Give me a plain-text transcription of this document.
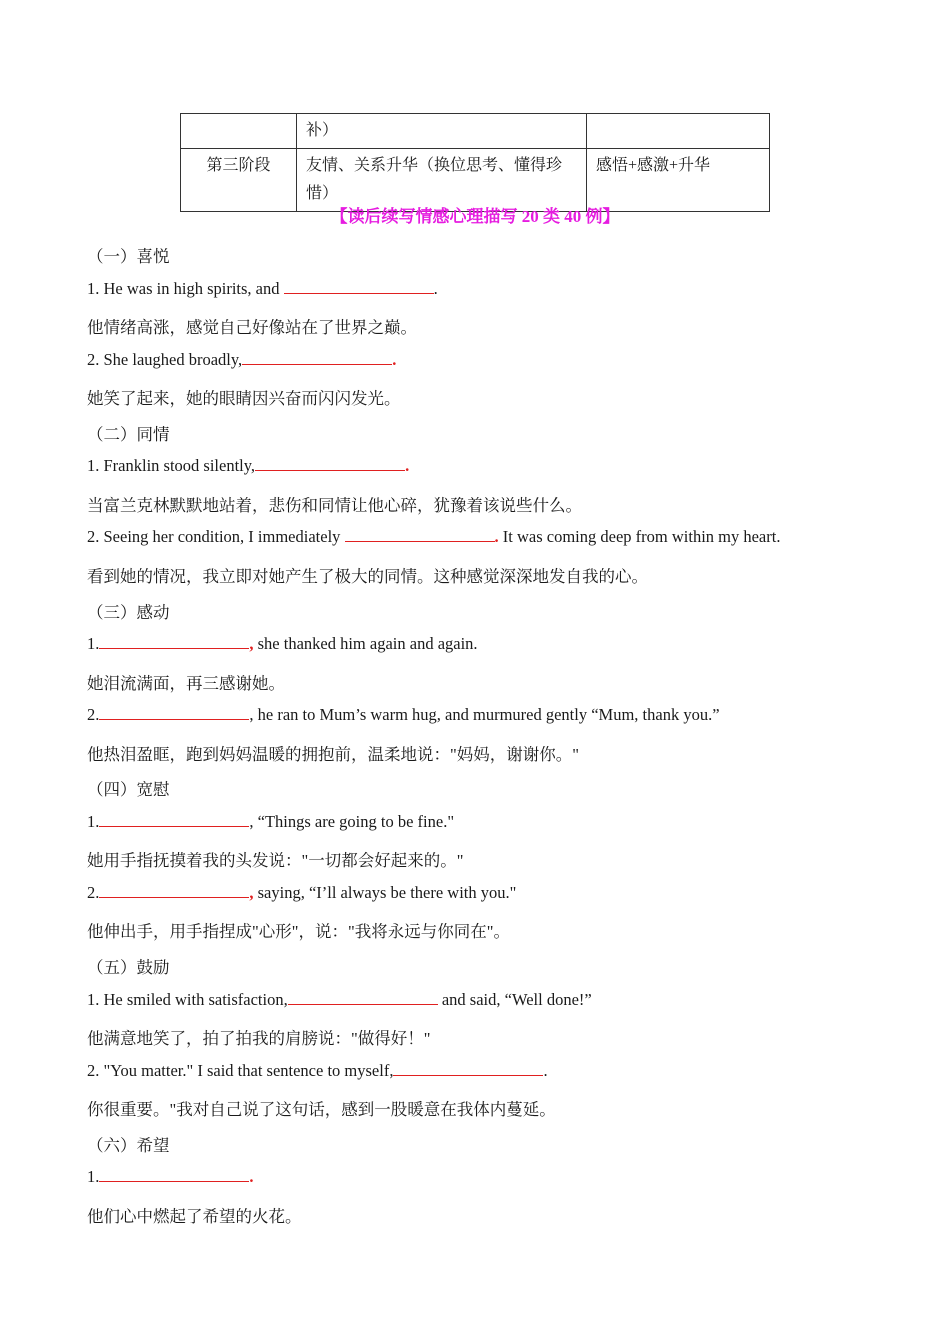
	补）	
第三阶段	友情、关系升华（换位思考、懂得珍惜）	感悟+感激+升华
【读后续写情感心理描写 20 类 40 例】
（一）喜悦
1. He was in high spirits, and	.
他情绪高涨，感觉自己好像站在了世界之巅。
2. She laughed broadly,	.
她笑了起来，她的眼睛因兴奋而闪闪发光。
（二）同情
1. Franklin stood silently,	.
当富兰克林默默地站着，悲伤和同情让他心碎，犹豫着该说些什么。
2. Seeing her condition, I immediately	. It was coming deep from within my heart.
看到她的情况，我立即对她产生了极大的同情。这种感觉深深地发自我的心。
（三）感动
1.	, she thanked him again and again.
她泪流满面，再三感谢她。
2.	, he ran to Mum’s warm hug, and murmured gently “Mum, thank you.”
他热泪盈眶，跑到妈妈温暖的拥抱前，温柔地说："妈妈，谢谢你。"
（四）宽慰
1.	, “Things are going to be fine."
她用手指抚摸着我的头发说："一切都会好起来的。"
2.	, saying, “I’ll always be there with you."
他伸出手，用手指捏成"心形"，说："我将永远与你同在"。
（五）鼓励
1. He smiled with satisfaction,	and said, “Well done!”
他满意地笑了，拍了拍我的肩膀说："做得好！"
2. "You matter." I said that sentence to myself,	.
你很重要。"我对自己说了这句话，感到一股暖意在我体内蔓延。
（六）希望
1.	.
他们心中燃起了希望的火花。
